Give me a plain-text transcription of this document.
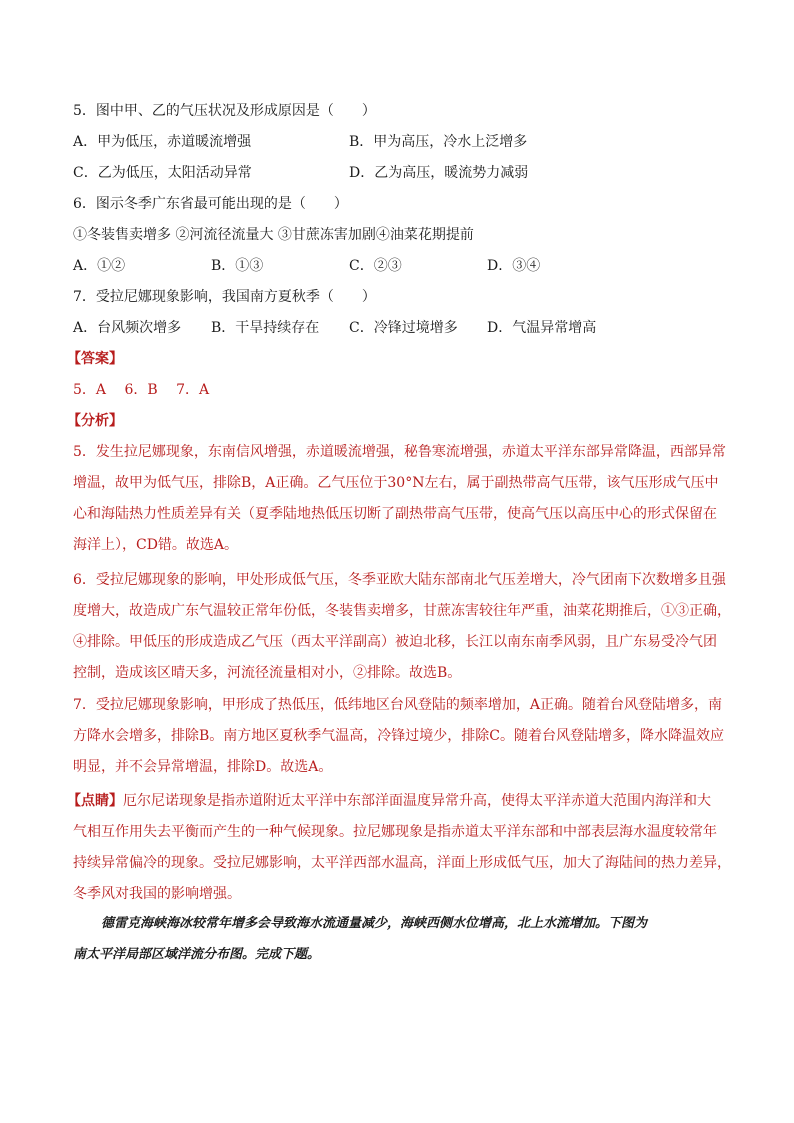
5．图中甲、乙的气压状况及形成原因是（　　）
A．甲为低压，赤道暖流增强	B．甲为高压，冷水上泛增多
C．乙为低压，太阳活动异常	D．乙为高压，暖流势力减弱
6．图示冬季广东省最可能出现的是（　　）
①冬装售卖增多 ②河流径流量大 ③甘蔗冻害加剧④油菜花期提前
A．①②	B．①③	C．②③	D．③④
7．受拉尼娜现象影响，我国南方夏秋季（　　）
A．台风频次增多 B．干旱持续存在 C．冷锋过境增多 D．气温异常增高
【答案】
5．A　 6．B　 7．A
【分析】
5．发生拉尼娜现象，东南信风增强，赤道暖流增强，秘鲁寒流增强，赤道太平洋东部异常降温，西部异常
增温，故甲为低气压，排除B，A正确。乙气压位于30°N左右，属于副热带高气压带，该气压形成气压中
心和海陆热力性质差异有关（夏季陆地热低压切断了副热带高气压带，使高气压以高压中心的形式保留在
海洋上），CD错。故选A。
6．受拉尼娜现象的影响，甲处形成低气压，冬季亚欧大陆东部南北气压差增大，冷气团南下次数增多且强
度增大，故造成广东气温较正常年份低，冬装售卖增多，甘蔗冻害较往年严重，油菜花期推后，①③正确，
④排除。甲低压的形成造成乙气压（西太平洋副高）被迫北移，长江以南东南季风弱，且广东易受冷气团
控制，造成该区晴天多，河流径流量相对小，②排除。故选B。
7．受拉尼娜现象影响，甲形成了热低压，低纬地区台风登陆的频率增加，A正确。随着台风登陆增多，南
方降水会增多，排除B。南方地区夏秋季气温高，冷锋过境少，排除C。随着台风登陆增多，降水降温效应
明显，并不会异常增温，排除D。故选A。
【点睛】厄尔尼诺现象是指赤道附近太平洋中东部洋面温度异常升高，使得太平洋赤道大范围内海洋和大
气相互作用失去平衡而产生的一种气候现象。拉尼娜现象是指赤道太平洋东部和中部表层海水温度较常年
持续异常偏冷的现象。受拉尼娜影响，太平洋西部水温高，洋面上形成低气压，加大了海陆间的热力差异，
冬季风对我国的影响增强。
德雷克海峡海冰较常年增多会导致海水流通量减少，海峡西侧水位增高，北上水流增加。下图为
南太平洋局部区域洋流分布图。完成下题。
